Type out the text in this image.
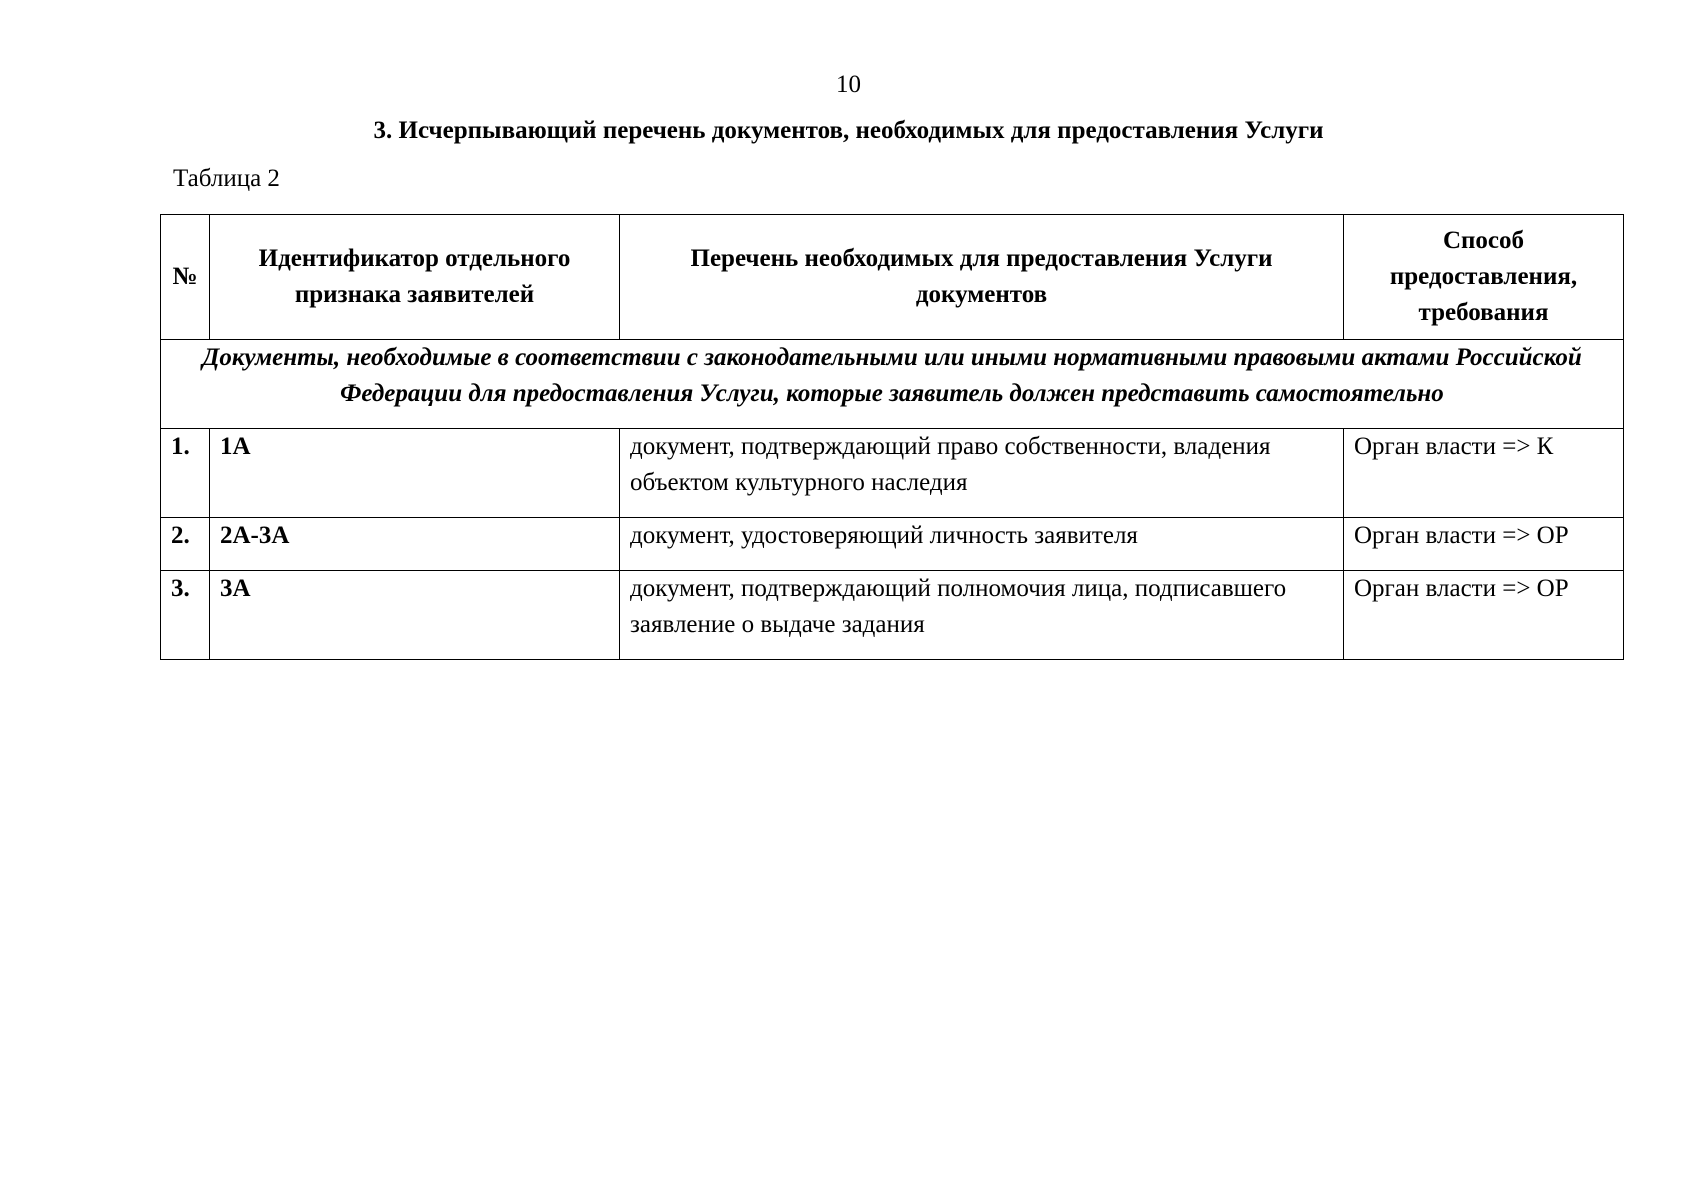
10
3. Исчерпывающий перечень документов, необходимых для предоставления Услуги
Таблица 2
№	Идентификатор отдельного признака заявителей	Перечень необходимых для предоставления Услуги документов	Способ предоставления, требования
Документы, необходимые в соответствии с законодательными или иными нормативными правовыми актами Российской Федерации для предоставления Услуги, которые заявитель должен представить самостоятельно			
1.	1А	документ, подтверждающий право собственности, владения объектом культурного наследия	Орган власти => К
2.	2А-3А	документ, удостоверяющий личность заявителя	Орган власти => ОР
3.	3А	документ, подтверждающий полномочия лица, подписавшего заявление о выдаче задания	Орган власти => ОР
